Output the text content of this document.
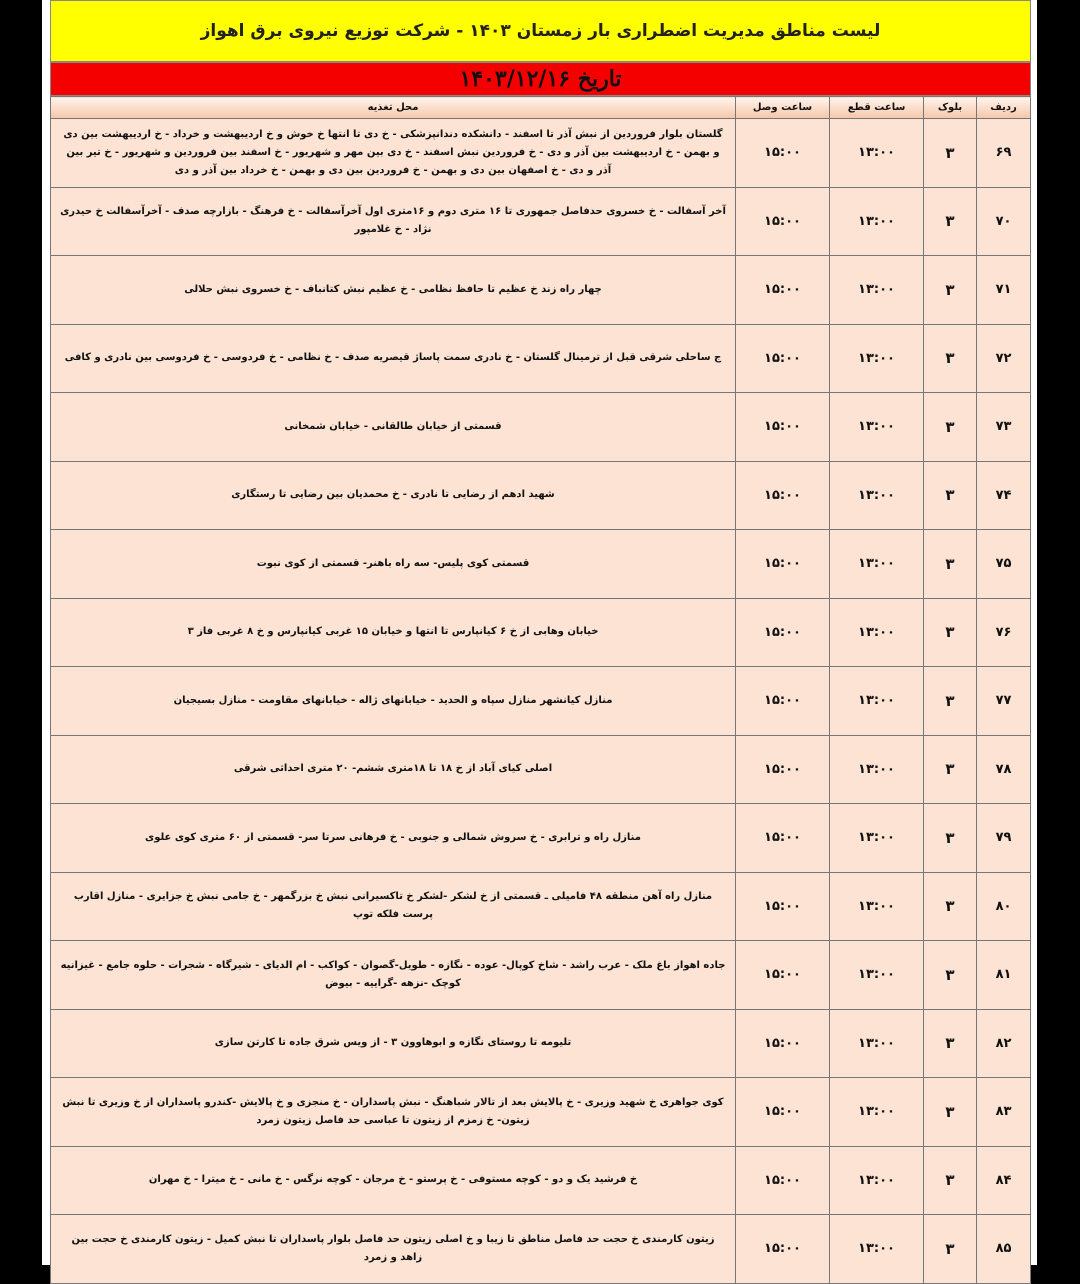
لیست مناطق مدیریت اضطراری بار زمستان ۱۴۰۳ - شرکت توزیع نیروی برق اهواز
تاریخ ۱۴۰۳/۱۲/۱۶
ردیف	بلوک	ساعت قطع	ساعت وصل	محل تغذیه
۶۹	۳	۱۳:۰۰	۱۵:۰۰	گلستان بلوار فروردین از نبش آذر تا اسفند - دانشکده دندانپزشکی - خ دی تا انتها خ خوش و خ اردیبهشت و خرداد - خ اردیبهشت بین دی و بهمن - خ اردیبهشت بین آذر و دی - خ فروردین نبش اسفند - خ دی بین مهر و شهریور - خ اسفند بین فروردین و شهریور - خ تیر بین آذر و دی - خ اصفهان بین دی و بهمن - خ فروردین بین دی و بهمن - خ خرداد بین آذر و دی
۷۰	۳	۱۳:۰۰	۱۵:۰۰	آخر آسفالت - خ خسروی حدفاصل جمهوری تا ۱۶ متری دوم و ۱۶متری اول آخرآسفالت - خ فرهنگ - بازارچه صدف - آخرآسفالت خ حیدری نژاد - خ غلامپور
۷۱	۳	۱۳:۰۰	۱۵:۰۰	چهار راه زند خ عظیم تا حافظ نظامی - خ عظیم نبش کتانباف - خ خسروی نبش حلالی
۷۲	۳	۱۳:۰۰	۱۵:۰۰	ج ساحلی شرقی قبل از ترمینال گلستان - خ نادری سمت پاساژ قیصریه صدف - خ نظامی - خ فردوسی - خ فردوسی بین نادری و کافی
۷۳	۳	۱۳:۰۰	۱۵:۰۰	قسمتی از خیابان طالقانی - خیابان شمخانی
۷۴	۳	۱۳:۰۰	۱۵:۰۰	شهید ادهم از رضایی تا نادری - خ محمدیان بین رضایی تا رستگاری
۷۵	۳	۱۳:۰۰	۱۵:۰۰	قسمتی کوی پلیس- سه راه باهنر- قسمتی از کوی نبوت
۷۶	۳	۱۳:۰۰	۱۵:۰۰	خیابان وهابی از خ ۶ کیانپارس تا انتها و خیابان ۱۵ غربی کیانپارس و خ ۸ غربی فاز ۳
۷۷	۳	۱۳:۰۰	۱۵:۰۰	منازل کیانشهر منازل سپاه و الحدید - خیابانهای ژاله - خیابانهای مقاومت - منازل بسیجیان
۷۸	۳	۱۳:۰۰	۱۵:۰۰	اصلی کیای آباد از خ ۱۸ تا ۱۸متری ششم- ۲۰ متری احداثی شرقی
۷۹	۳	۱۳:۰۰	۱۵:۰۰	منازل راه و ترابری - خ سروش شمالی و جنوبی - خ فرهانی سرتا سر- قسمتی از ۶۰ متری کوی علوی
۸۰	۳	۱۳:۰۰	۱۵:۰۰	منازل راه آهن منطقه ۴۸ فامیلی ـ قسمتی از خ لشکر -لشکر خ تاکسیرانی نبش خ بزرگمهر - خ جامی نبش خ جزایری - منازل اقارب پرست فلکه توپ
۸۱	۳	۱۳:۰۰	۱۵:۰۰	جاده اهواز باغ ملک - عرب راشد - شاخ کوپال- عوده - نگازه - طویل-گصوان - کواکب - ام الدیای - شیرگاه - شجرات - حلوه جامع - غیزانیه کوچک -نزهه -گراییه - بیوض
۸۲	۳	۱۳:۰۰	۱۵:۰۰	تلیومه تا روستای نگازه و ابوهاوون ۳ - از ویس شرق جاده تا کارتن سازی
۸۳	۳	۱۳:۰۰	۱۵:۰۰	کوی جواهری خ شهید وزیری - خ پالایش بعد از تالار شباهنگ - نبش پاسداران - خ منجزی و خ پالایش -کندرو پاسداران از خ وزیری تا نبش زیتون- خ زمزم از زیتون تا عباسی حد فاصل زیتون زمرد
۸۴	۳	۱۳:۰۰	۱۵:۰۰	خ فرشید یک و دو - کوچه مستوفی - خ پرستو - خ مرجان - کوچه نرگس - خ مانی - خ میترا - خ مهران
۸۵	۳	۱۳:۰۰	۱۵:۰۰	زیتون کارمندی خ حجت حد فاصل مناطق تا زیبا و خ اصلی زیتون حد فاصل بلوار پاسداران تا نبش کمیل - زیتون کارمندی خ حجت بین زاهد و زمرد
